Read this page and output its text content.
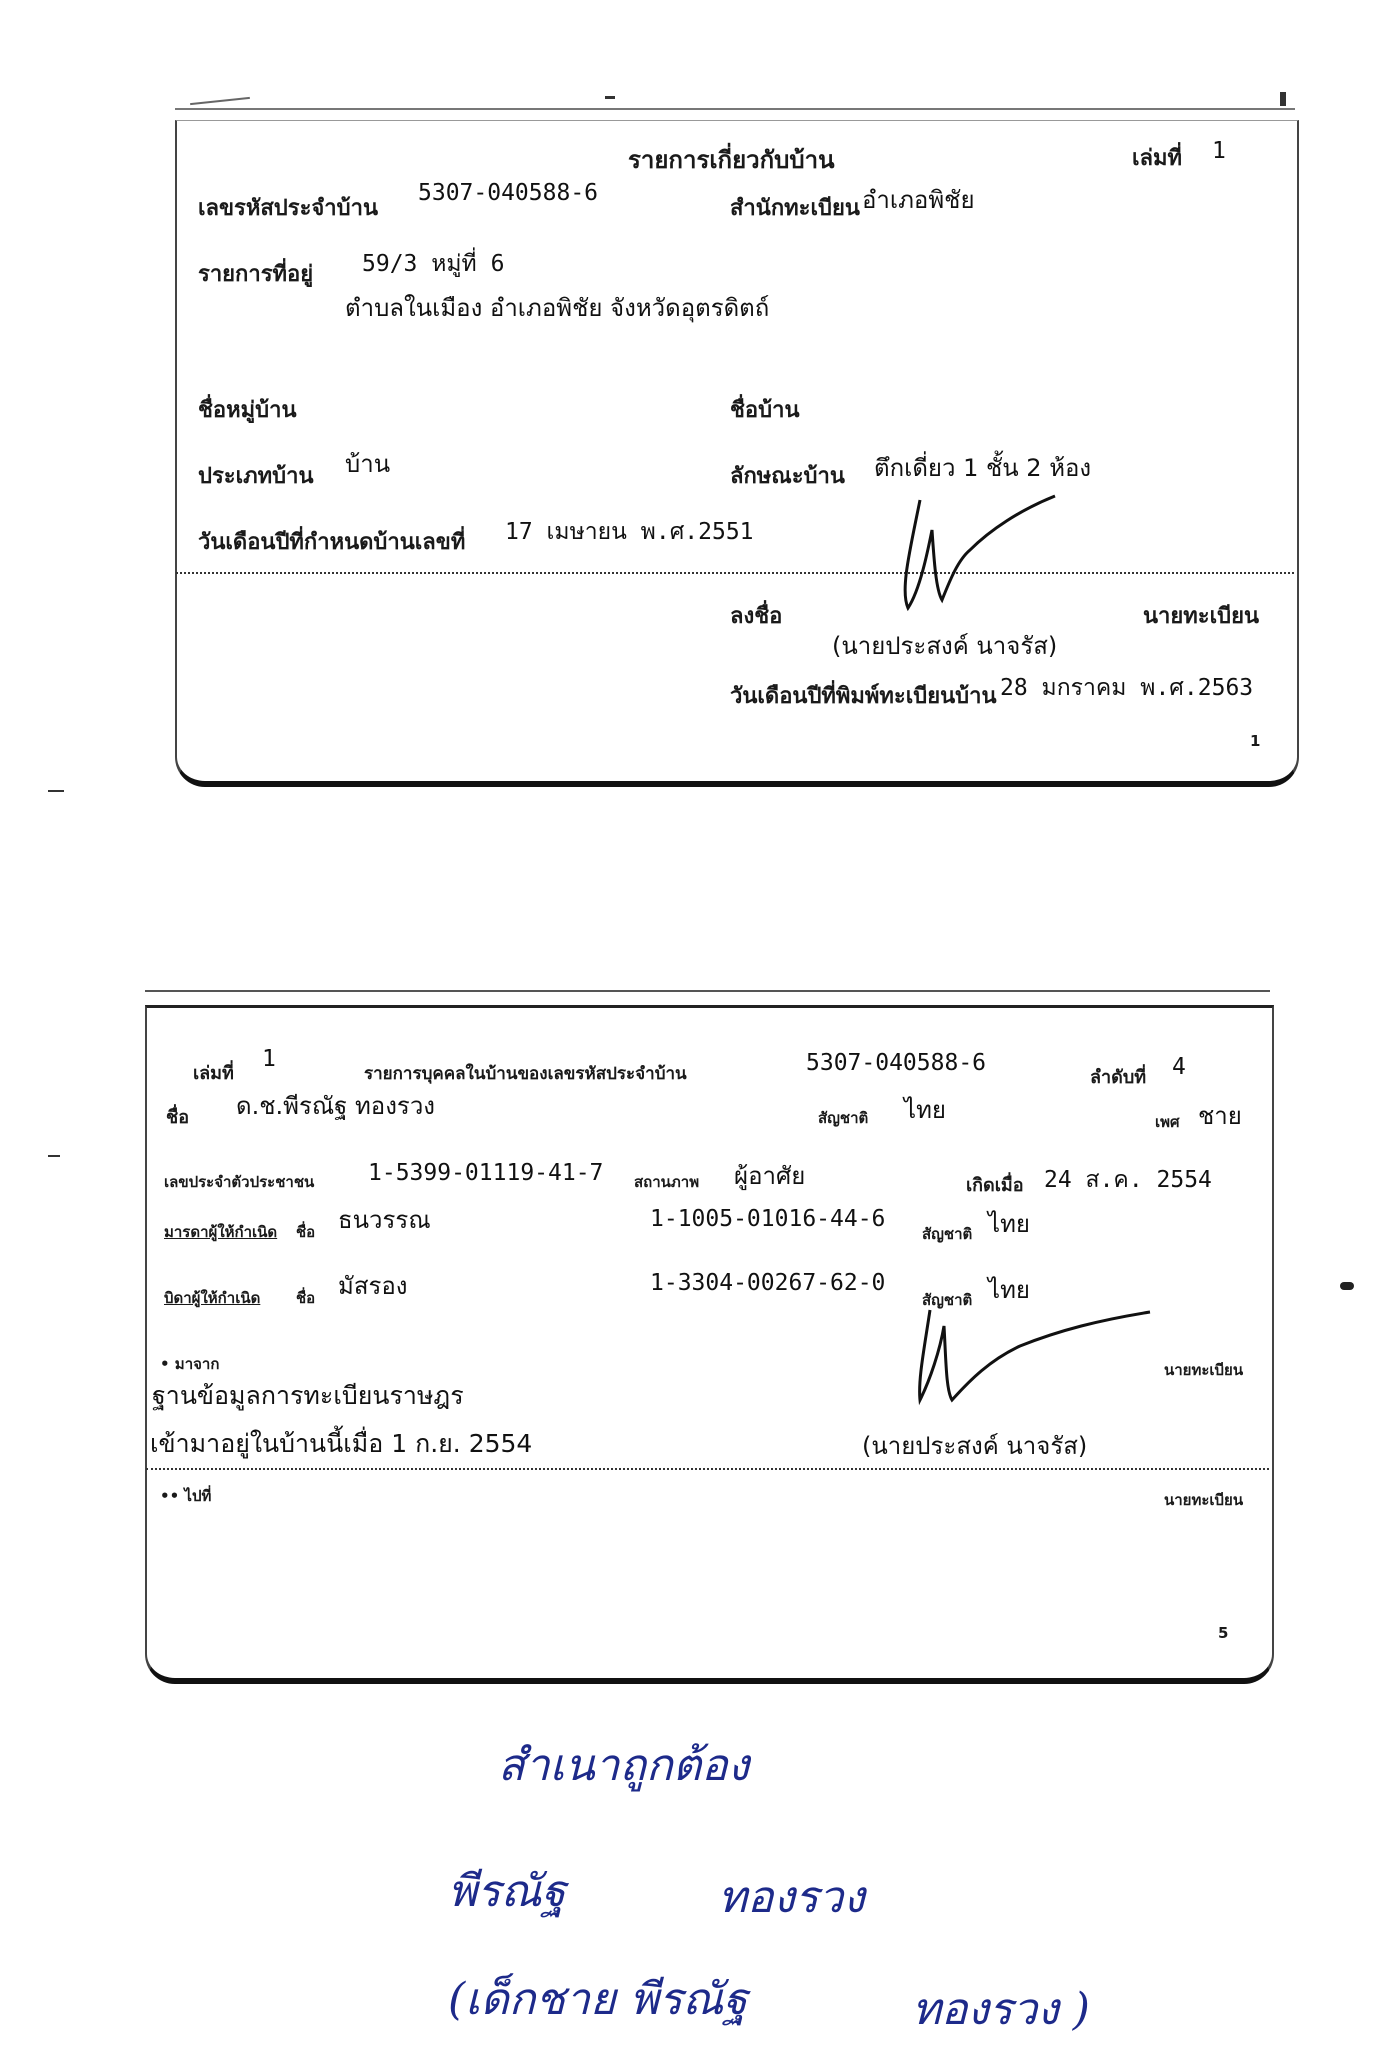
รายการเกี่ยวกับบ้าน	เล่มที่ 1
เลขรหัสประจำบ้าน
5307-040588-6
สำนักทะเบียน อำเภอพิชัย
รายการที่อยู่ 59/3 หมู่ที่ 6
ตำบลในเมือง อำเภอพิชัย จังหวัดอุตรดิตถ์
ชื่อหมู่บ้าน	ชื่อบ้าน
ประเภทบ้าน บ้าน	ลักษณะบ้าน ตึกเดี่ยว 1 ชั้น 2 ห้อง
วันเดือนปีที่กำหนดบ้านเลขที่ 17 เมษายน พ.ศ.2551
ลงชื่อ	นายทะเบียน
(นายประสงค์ นาจรัส)
วันเดือนปีที่พิมพ์ทะเบียนบ้าน 28 มกราคม พ.ศ.2563
1
เล่มที่
1
รายการบุคคลในบ้านของเลขรหัสประจำบ้าน	5307-040588-6
ลำดับที่ 4
ชื่อ ด.ช.พีรณัฐ ทองรวง	สัญชาติ ไทย	เพศ ชาย
เลขประจำตัวประชาชน 1-5399-01119-41-7 สถานภาพ ผู้อาศัย	เกิดเมื่อ 24 ส.ค. 2554
มารดาผู้ให้กำเนิด ชื่อ ธนวรรณ	1-1005-01016-44-6
สัญชาติ ไทย
บิดาผู้ให้กำเนิด ชื่อ มัสรอง	1-3304-00267-62-0
สัญชาติ ไทย
• มาจาก
ฐานข้อมูลการทะเบียนราษฎร
นายทะเบียน
เข้ามาอยู่ในบ้านนี้เมื่อ 1 ก.ย. 2554	(นายประสงค์ นาจรัส)
•• ไปที่	นายทะเบียน
5
สำเนาถูกต้อง
พีรณัฐ	ทองรวง
(เด็กชาย พีรณัฐ	ทองรวง )
